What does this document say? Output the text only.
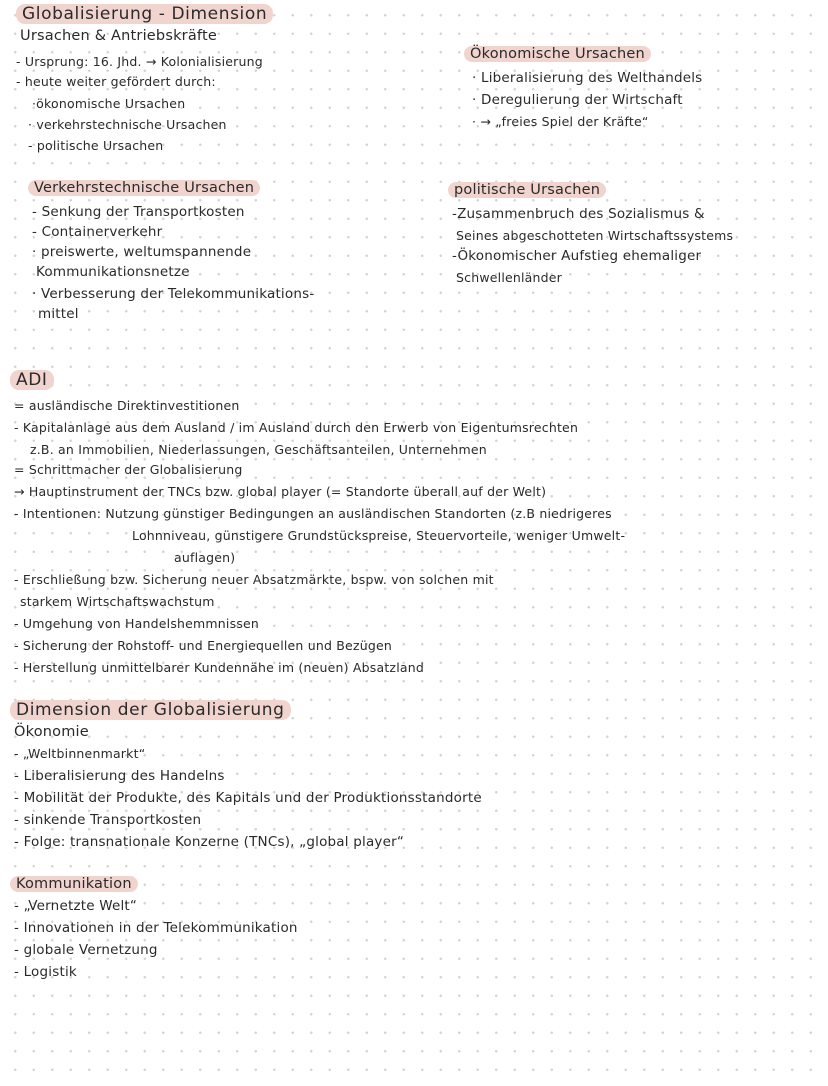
Globalisierung - Dimension
Ursachen & Antriebskräfte
- Ursprung: 16. Jhd. → Kolonialisierung
- heute weiter gefördert durch:
·ökonomische Ursachen
· verkehrstechnische Ursachen
- politische Ursachen
Ökonomische Ursachen
· Liberalisierung des Welthandels
· Deregulierung der Wirtschaft
· → „freies Spiel der Kräfte“
Verkehrstechnische Ursachen
- Senkung der Transportkosten
- Containerverkehr
· preiswerte, weltumspannende
Kommunikationsnetze
· Verbesserung der Telekommunikations-
mittel
politische Ursachen
-Zusammenbruch des Sozialismus &
Seines abgeschotteten Wirtschaftssystems
-Ökonomischer Aufstieg ehemaliger
Schwellenländer
ADI
= ausländische Direktinvestitionen
- Kapitalanlage aus dem Ausland / im Ausland durch den Erwerb von Eigentumsrechten
z.B. an Immobilien, Niederlassungen, Geschäftsanteilen, Unternehmen
= Schrittmacher der Globalisierung
→ Hauptinstrument der TNCs bzw. global player (= Standorte überall auf der Welt)
- Intentionen: Nutzung günstiger Bedingungen an ausländischen Standorten (z.B niedrigeres
Lohnniveau, günstigere Grundstückspreise, Steuervorteile, weniger Umwelt-
auflagen)
- Erschließung bzw. Sicherung neuer Absatzmärkte, bspw. von solchen mit
starkem Wirtschaftswachstum
- Umgehung von Handelshemmnissen
- Sicherung der Rohstoff- und Energiequellen und Bezügen
- Herstellung unmittelbarer Kundennähe im (neuen) Absatzland
Dimension der Globalisierung
Ökonomie
- „Weltbinnenmarkt“
- Liberalisierung des Handelns
- Mobilität der Produkte, des Kapitals und der Produktionsstandorte
- sinkende Transportkosten
- Folge: transnationale Konzerne (TNCs), „global player“
Kommunikation
- „Vernetzte Welt“
- Innovationen in der Telekommunikation
- globale Vernetzung
- Logistik
